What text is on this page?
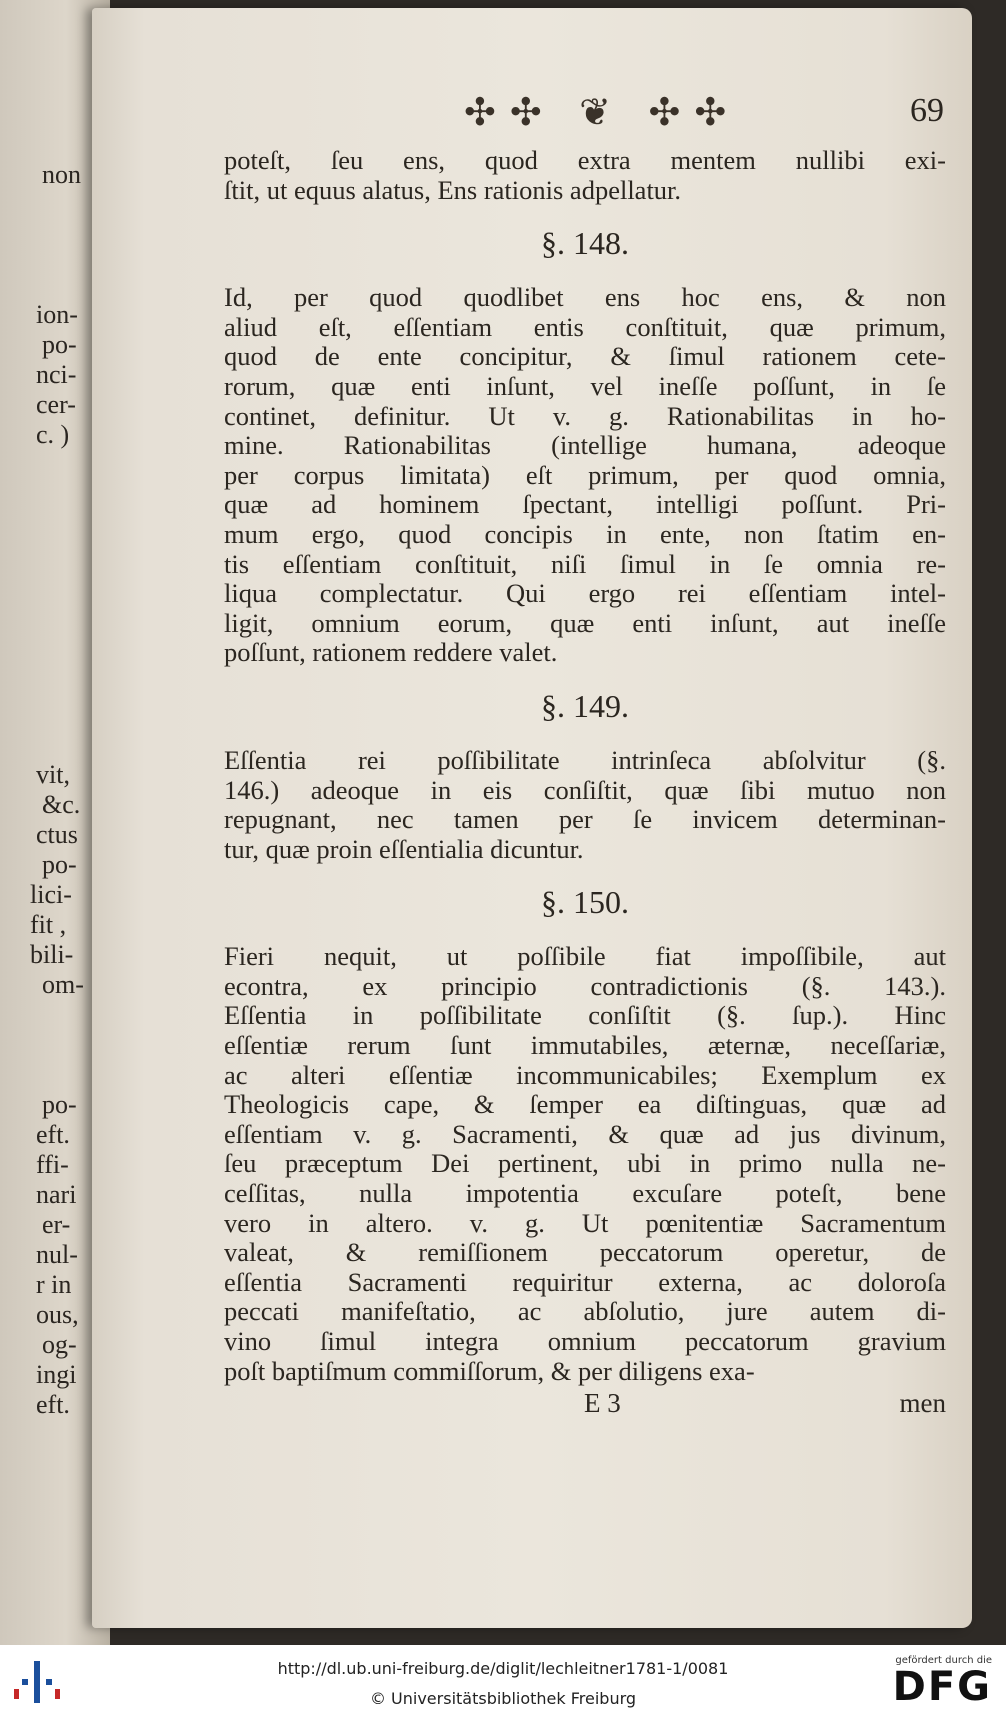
non
ion-
po-
nci-
cer-
c. )
vit,
&c.
ctus
po-
lici-
fit ,
bili-
om-
po-
eft.
ffi-
nari
er-
nul-
r in
ous,
og-
ingi
eft.
✣✣ ❦ ✣✣	69
poteſt, ſeu ens, quod extra mentem nullibi exi-
ſtit, ut equus alatus, Ens rationis adpellatur.
§. 148.
Id, per quod quodlibet ens hoc ens, & non
aliud eſt, eſſentiam entis conſtituit, quæ primum,
quod de ente concipitur, & ſimul rationem cete-
rorum, quæ enti inſunt, vel ineſſe poſſunt, in ſe
continet, definitur. Ut v. g. Rationabilitas in ho-
mine. Rationabilitas (intellige humana, adeoque
per corpus limitata) eſt primum, per quod omnia,
quæ ad hominem ſpectant, intelligi poſſunt. Pri-
mum ergo, quod concipis in ente, non ſtatim en-
tis eſſentiam conſtituit, niſi ſimul in ſe omnia re-
liqua complectatur. Qui ergo rei eſſentiam intel-
ligit, omnium eorum, quæ enti inſunt, aut ineſſe
poſſunt, rationem reddere valet.
§. 149.
Eſſentia rei poſſibilitate intrinſeca abſolvitur (§.
146.) adeoque in eis conſiſtit, quæ ſibi mutuo non
repugnant, nec tamen per ſe invicem determinan-
tur, quæ proin eſſentialia dicuntur.
§. 150.
Fieri nequit, ut poſſibile fiat impoſſibile, aut
econtra, ex principio contradictionis (§. 143.).
Eſſentia in poſſibilitate conſiſtit (§. ſup.). Hinc
eſſentiæ rerum ſunt immutabiles, æternæ, neceſſariæ,
ac alteri eſſentiæ incommunicabiles; Exemplum ex
Theologicis cape, & ſemper ea diſtinguas, quæ ad
eſſentiam v. g. Sacramenti, & quæ ad jus divinum,
ſeu præceptum Dei pertinent, ubi in primo nulla ne-
ceſſitas, nulla impotentia excuſare poteſt, bene
vero in altero. v. g. Ut pœnitentiæ Sacramentum
valeat, & remiſſionem peccatorum operetur, de
eſſentia Sacramenti requiritur externa, ac doloroſa
peccati manifeſtatio, ac abſolutio, jure autem di-
vino ſimul integra omnium peccatorum gravium
poſt baptiſmum commiſſorum, & per diligens exa-
E 3	men
http://dl.ub.uni-freiburg.de/diglit/lechleitner1781-1/0081
© Universitätsbibliothek Freiburg
gefördert durch die
DFG
